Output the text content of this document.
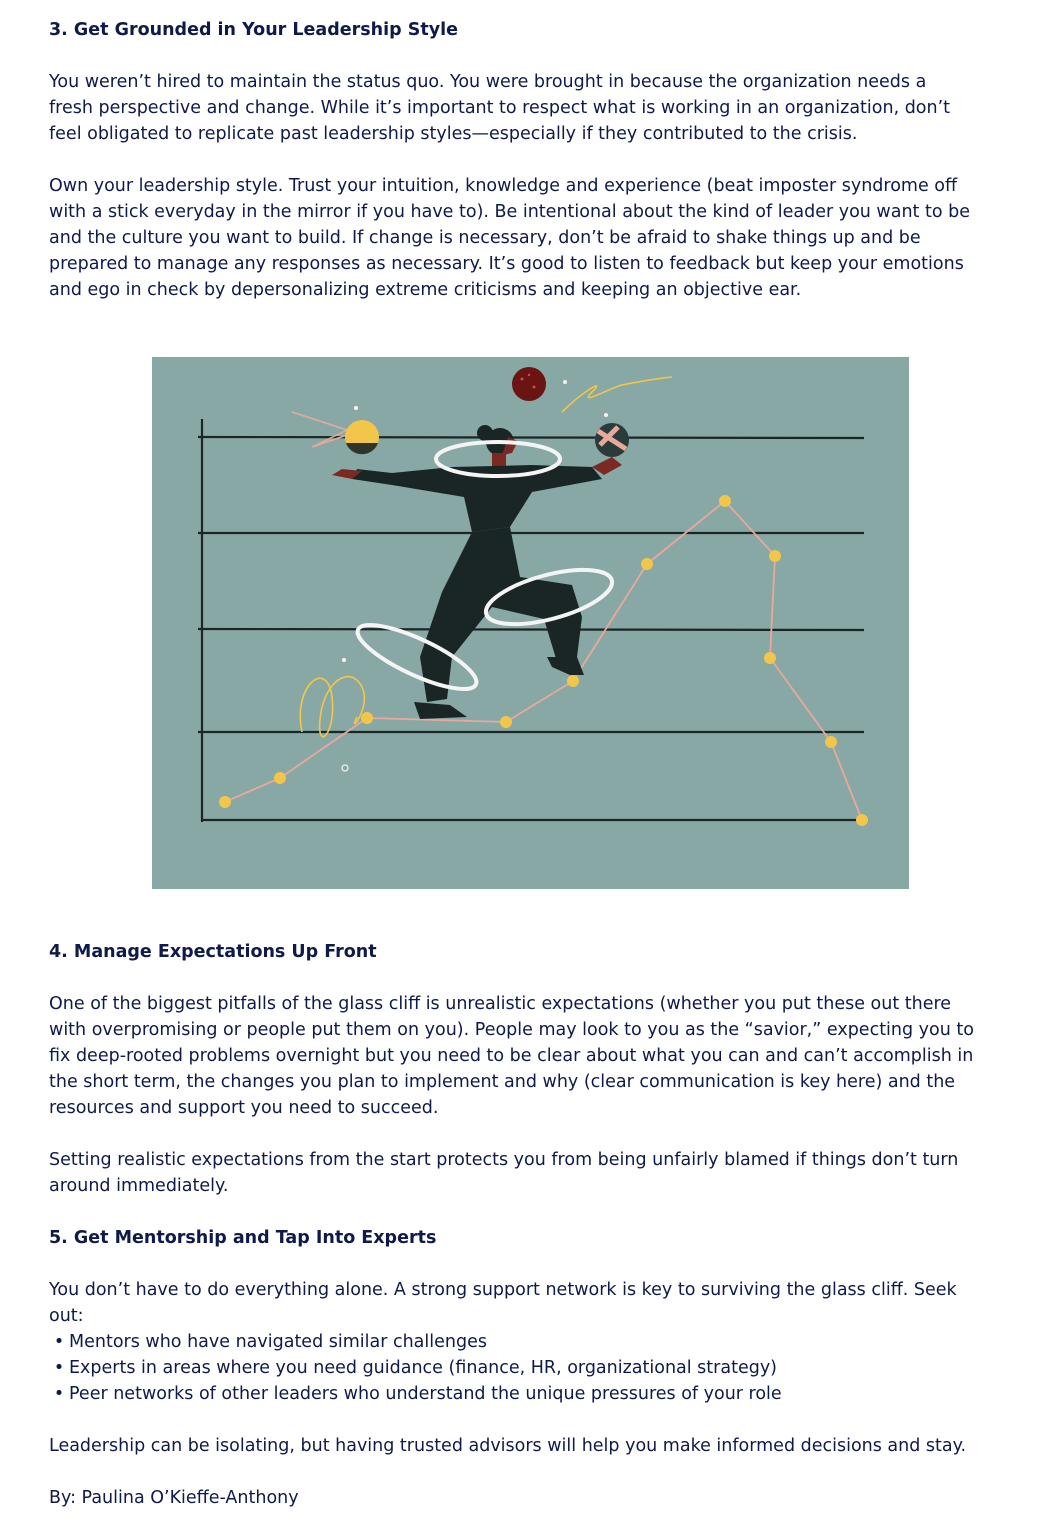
3. Get Grounded in Your Leadership Style

You weren’t hired to maintain the status quo. You were brought in because the organization needs a
fresh perspective and change. While it’s important to respect what is working in an organization, don’t
feel obligated to replicate past leadership styles—especially if they contributed to the crisis.

Own your leadership style. Trust your intuition, knowledge and experience (beat imposter syndrome off
with a stick everyday in the mirror if you have to). Be intentional about the kind of leader you want to be
and the culture you want to build. If change is necessary, don’t be afraid to shake things up and be
prepared to manage any responses as necessary. It’s good to listen to feedback but keep your emotions
and ego in check by depersonalizing extreme criticisms and keeping an objective ear.

4. Manage Expectations Up Front

One of the biggest pitfalls of the glass cliff is unrealistic expectations (whether you put these out there
with overpromising or people put them on you). People may look to you as the “savior,” expecting you to
fix deep-rooted problems overnight but you need to be clear about what you can and can’t accomplish in
the short term, the changes you plan to implement and why (clear communication is key here) and the
resources and support you need to succeed.

Setting realistic expectations from the start protects you from being unfairly blamed if things don’t turn
around immediately.

5. Get Mentorship and Tap Into Experts

You don’t have to do everything alone. A strong support network is key to surviving the glass cliff. Seek
out:

• Mentors who have navigated similar challenges
• Experts in areas where you need guidance (finance, HR, organizational strategy)
• Peer networks of other leaders who understand the unique pressures of your role

Leadership can be isolating, but having trusted advisors will help you make informed decisions and stay.

By: Paulina O’Kieffe-Anthony
